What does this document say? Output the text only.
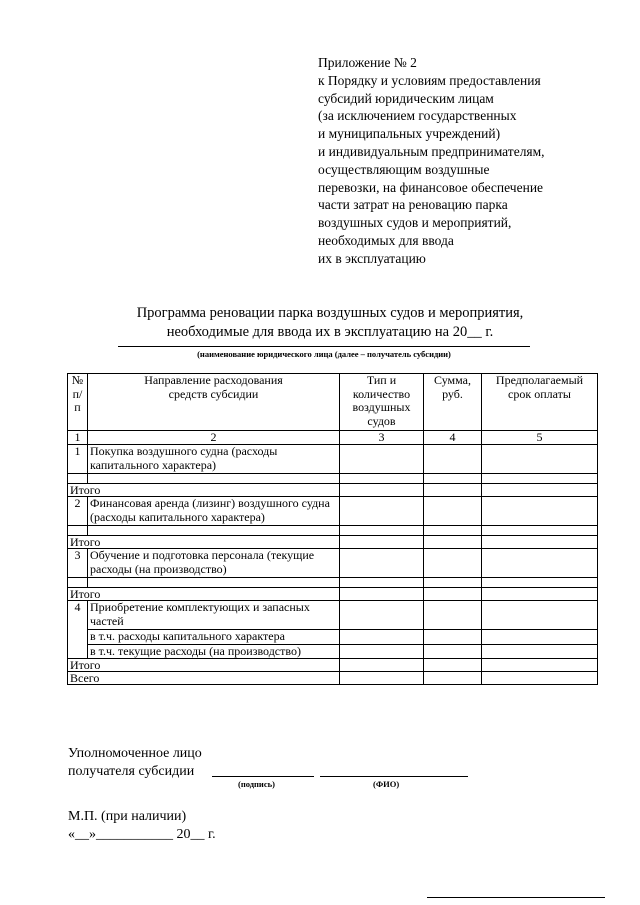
Приложение № 2
к Порядку и условиям предоставления
субсидий юридическим лицам
(за исключением государственных
и муниципальных учреждений)
и индивидуальным предпринимателям,
осуществляющим воздушные
перевозки, на финансовое обеспечение
части затрат на реновацию парка
воздушных судов и мероприятий,
необходимых для ввода
их в эксплуатацию
Программа реновации парка воздушных судов и мероприятия,
необходимые для ввода их в эксплуатацию на 20__ г.
(наименование юридического лица (далее – получатель субсидии)
№ п/п	Направление расходования средств субсидии	Тип и количество воздушных судов	Сумма, руб.	Предполагаемый срок оплаты

1	2	3	4	5
1	Покупка воздушного судна (расходы капитального характера)			

Итого				
2	Финансовая аренда (лизинг) воздушного судна (расходы капитального характера)			

Итого				
3	Обучение и подготовка персонала (текущие расходы (на производство)			

Итого				
4	Приобретение комплектующих и запасных частей			
	в т.ч. расходы капитального характера			
	в т.ч. текущие расходы (на производство)			
Итого				
Всего				
Уполномоченное лицо
получателя субсидии
(подпись)	(ФИО)
М.П. (при наличии)
«__»___________ 20__ г.
